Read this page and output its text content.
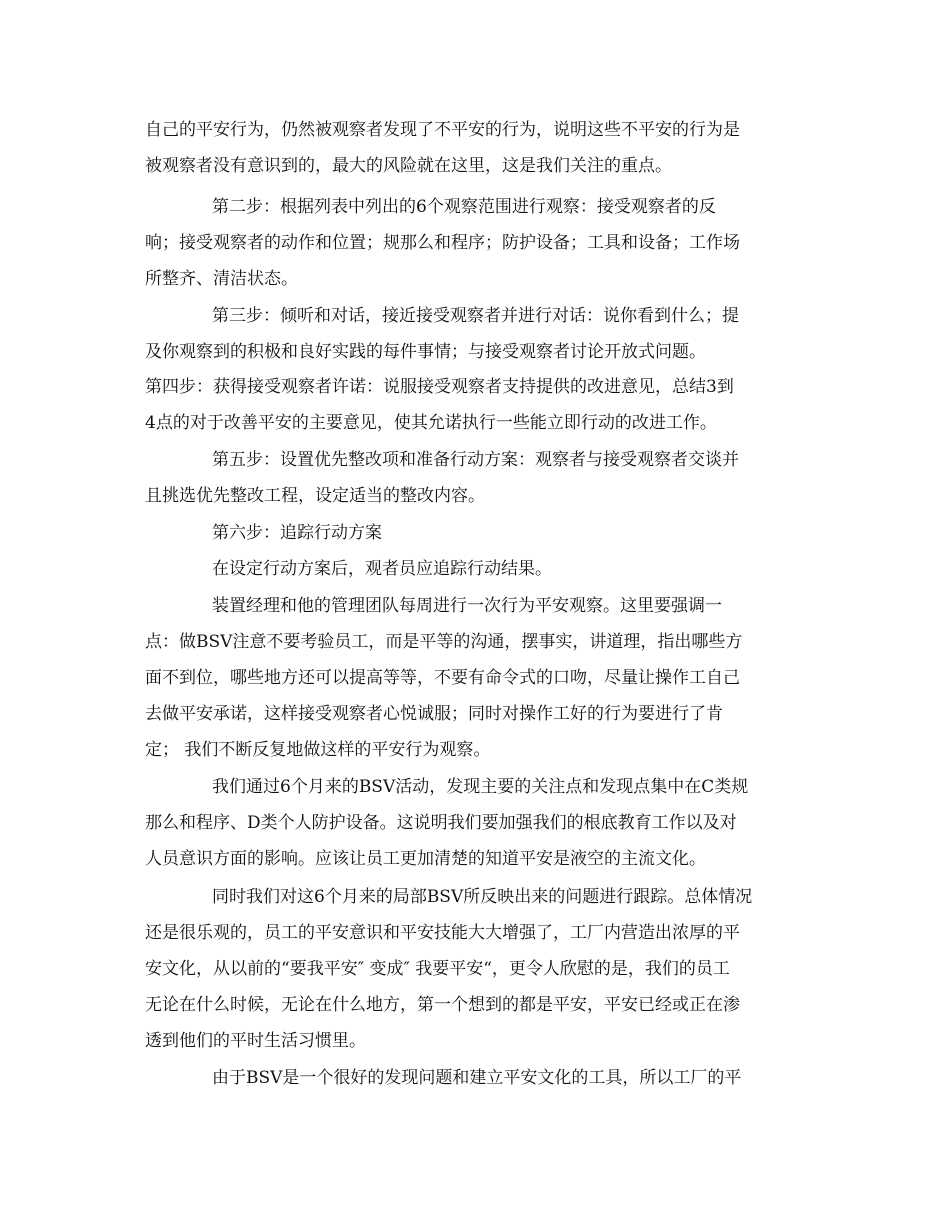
自己的平安行为，仍然被观察者发现了不平安的行为，说明这些不平安的行为是
被观察者没有意识到的，最大的风险就在这里，这是我们关注的重点。
第二步：根据列表中列出的6个观察范围进行观察：接受观察者的反
响；接受观察者的动作和位置；规那么和程序；防护设备；工具和设备；工作场
所整齐、清洁状态。
第三步：倾听和对话，接近接受观察者并进行对话：说你看到什么；提
及你观察到的积极和良好实践的每件事情；与接受观察者讨论开放式问题。
第四步：获得接受观察者许诺：说服接受观察者支持提供的改进意见，总结3到
4点的对于改善平安的主要意见，使其允诺执行一些能立即行动的改进工作。
第五步：设置优先整改项和准备行动方案：观察者与接受观察者交谈并
且挑选优先整改工程，设定适当的整改内容。
第六步：追踪行动方案
在设定行动方案后，观者员应追踪行动结果。
装置经理和他的管理团队每周进行一次行为平安观察。这里要强调一
点：做BSV注意不要考验员工，而是平等的沟通，摆事实，讲道理，指出哪些方
面不到位，哪些地方还可以提高等等，不要有命令式的口吻，尽量让操作工自己
去做平安承诺，这样接受观察者心悦诚服；同时对操作工好的行为要进行了肯
定； 我们不断反复地做这样的平安行为观察。
我们通过6个月来的BSV活动，发现主要的关注点和发现点集中在C类规
那么和程序、D类个人防护设备。这说明我们要加强我们的根底教育工作以及对
人员意识方面的影响。应该让员工更加清楚的知道平安是液空的主流文化。
同时我们对这6个月来的局部BSV所反映出来的问题进行跟踪。总体情况
还是很乐观的，员工的平安意识和平安技能大大增强了，工厂内营造出浓厚的平
安文化，从以前的“要我平安″ 变成″ 我要平安“，更令人欣慰的是，我们的员工
无论在什么时候，无论在什么地方，第一个想到的都是平安，平安已经或正在渗
透到他们的平时生活习惯里。
由于BSV是一个很好的发现问题和建立平安文化的工具，所以工厂的平
